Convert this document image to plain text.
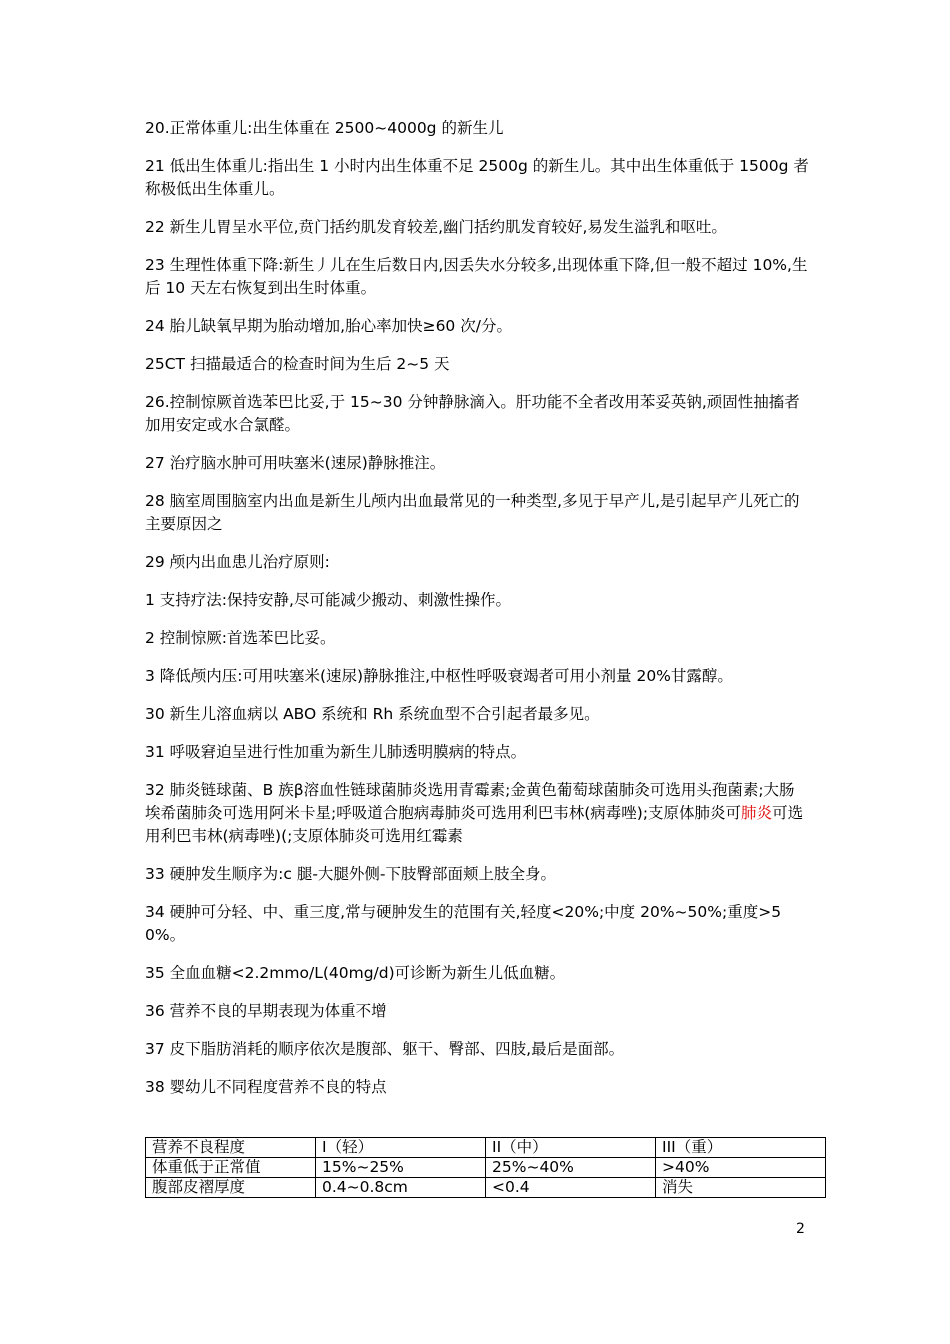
20.正常体重儿:出生体重在 2500~4000g 的新生儿

21 低出生体重儿:指出生 1 小时内出生体重不足 2500g 的新生儿。其中出生体重低于 1500g 者称极低出生体重儿。

22 新生儿胃呈水平位,贲门括约肌发育较差,幽门括约肌发育较好,易发生溢乳和呕吐。

23 生理性体重下降:新生丿儿在生后数日内,因丢失水分较多,出现体重下降,但一般不超过 10%,生后 10 天左右恢复到出生时体重。

24 胎儿缺氧早期为胎动增加,胎心率加快≥60 次/分。

25CT 扫描最适合的检查时间为生后 2~5 天

26.控制惊厥首选苯巴比妥,于 15~30 分钟静脉滴入。肝功能不全者改用苯妥英钠,顽固性抽搐者加用安定或水合氯醛。

27 治疗脑水肿可用呋塞米(速尿)静脉推注。

28 脑室周围脑室内出血是新生儿颅内出血最常见的一种类型,多见于早产儿,是引起早产儿死亡的主要原因之

29 颅内出血患儿治疗原则:

1 支持疗法:保持安静,尽可能减少搬动、刺激性操作。

2 控制惊厥:首选苯巴比妥。

3 降低颅内压:可用呋塞米(速尿)静脉推注,中枢性呼吸衰竭者可用小剂量 20%甘露醇。

30 新生儿溶血病以 ABO 系统和 Rh 系统血型不合引起者最多见。

31 呼吸窘迫呈进行性加重为新生儿肺透明膜病的特点。

32 肺炎链球菌、B 族β溶血性链球菌肺炎选用青霉素;金黄色葡萄球菌肺灸可选用头孢菌素;大肠埃希菌肺灸可选用阿米卡星;呼吸道合胞病毒肺炎可选用利巴韦林(病毒唑);支原体肺炎可肺炎可选用利巴韦林(病毒唑)(;支原体肺炎可选用红霉素

33 硬肿发生顺序为:c 腿-大腿外侧-下肢臀部面颊上肢全身。

34 硬肿可分轻、中、重三度,常与硬肿发生的范围有关,轻度<20%;中度 20%~50%;重度>50%。

35 全血血糖<2.2mmo/L(40mg/d)可诊断为新生儿低血糖。

36 营养不良的早期表现为体重不增

37 皮下脂肪消耗的顺序依次是腹部、躯干、臀部、四肢,最后是面部。

38 婴幼儿不同程度营养不良的特点

营养不良程度	I（轻）	II（中）	III（重）
体重低于正常值	15%~25%	25%~40%	>40%
腹部皮褶厚度	0.4~0.8cm	<0.4	消失
2
